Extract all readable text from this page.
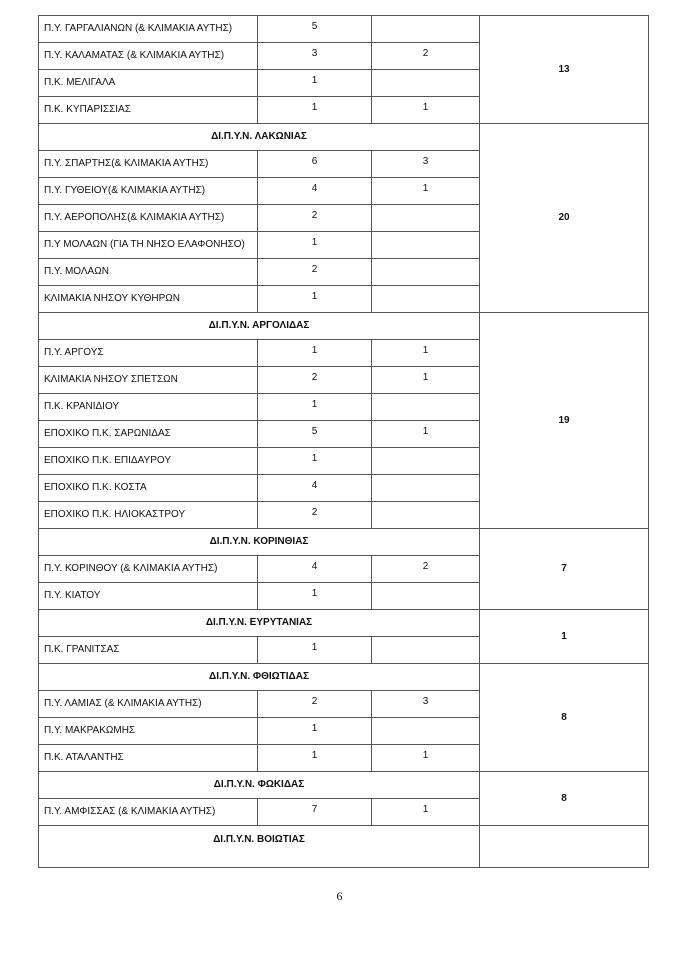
Π.Υ. ΓΑΡΓΑΛΙΑΝΩΝ (& ΚΛΙΜΑΚΙΑ ΑΥΤΗΣ)	5		13
Π.Υ. ΚΑΛΑΜΑΤΑΣ (& ΚΛΙΜΑΚΙΑ ΑΥΤΗΣ)	3	2	
Π.Κ. ΜΕΛΙΓΑΛΑ	1		
Π.Κ. ΚΥΠΑΡΙΣΣΙΑΣ	1	1	
ΔΙ.Π.Υ.Ν. ΛΑΚΩΝΙΑΣ			20
Π.Υ. ΣΠΑΡΤΗΣ(& ΚΛΙΜΑΚΙΑ ΑΥΤΗΣ)	6	3	
Π.Υ. ΓΥΘΕΙΟΥ(& ΚΛΙΜΑΚΙΑ ΑΥΤΗΣ)	4	1	
Π.Υ. ΑΕΡΟΠΟΛΗΣ(& ΚΛΙΜΑΚΙΑ ΑΥΤΗΣ)	2		
Π.Υ ΜΟΛΑΩΝ (ΓΙΑ ΤΗ ΝΗΣΟ ΕΛΑΦΟΝΗΣΟ)	1		
Π.Υ. ΜΟΛΑΩΝ	2		
ΚΛΙΜΑΚΙΑ ΝΗΣΟΥ ΚΥΘΗΡΩΝ	1		
ΔΙ.Π.Υ.Ν. ΑΡΓΟΛΙΔΑΣ			19
Π.Υ. ΑΡΓΟΥΣ	1	1	
ΚΛΙΜΑΚΙΑ ΝΗΣΟΥ ΣΠΕΤΣΩΝ	2	1	
Π.Κ. ΚΡΑΝΙΔΙΟΥ	1		
ΕΠΟΧΙΚΟ Π.Κ. ΣΑΡΩΝΙΔΑΣ	5	1	
ΕΠΟΧΙΚΟ Π.Κ. ΕΠΙΔΑΥΡΟΥ	1		
ΕΠΟΧΙΚΟ Π.Κ. ΚΟΣΤΑ	4		
ΕΠΟΧΙΚΟ Π.Κ. ΗΛΙΟΚΑΣΤΡΟΥ	2		
ΔΙ.Π.Υ.Ν. ΚΟΡΙΝΘΙΑΣ			7
Π.Υ. ΚΟΡΙΝΘΟΥ (& ΚΛΙΜΑΚΙΑ ΑΥΤΗΣ)	4	2	
Π.Υ. ΚΙΑΤΟΥ	1		
ΔΙ.Π.Υ.Ν. ΕΥΡΥΤΑΝΙΑΣ			1
Π.Κ. ΓΡΑΝΙΤΣΑΣ	1		
ΔΙ.Π.Υ.Ν. ΦΘΙΩΤΙΔΑΣ			8
Π.Υ. ΛΑΜΙΑΣ (& ΚΛΙΜΑΚΙΑ ΑΥΤΗΣ)	2	3	
Π.Υ. ΜΑΚΡΑΚΩΜΗΣ	1		
Π.Κ. ΑΤΑΛΑΝΤΗΣ	1	1	
ΔΙ.Π.Υ.Ν. ΦΩΚΙΔΑΣ			8
Π.Υ. ΑΜΦΙΣΣΑΣ (& ΚΛΙΜΑΚΙΑ ΑΥΤΗΣ)	7	1	
ΔΙ.Π.Υ.Ν. ΒΟΙΩΤΙΑΣ			
6
